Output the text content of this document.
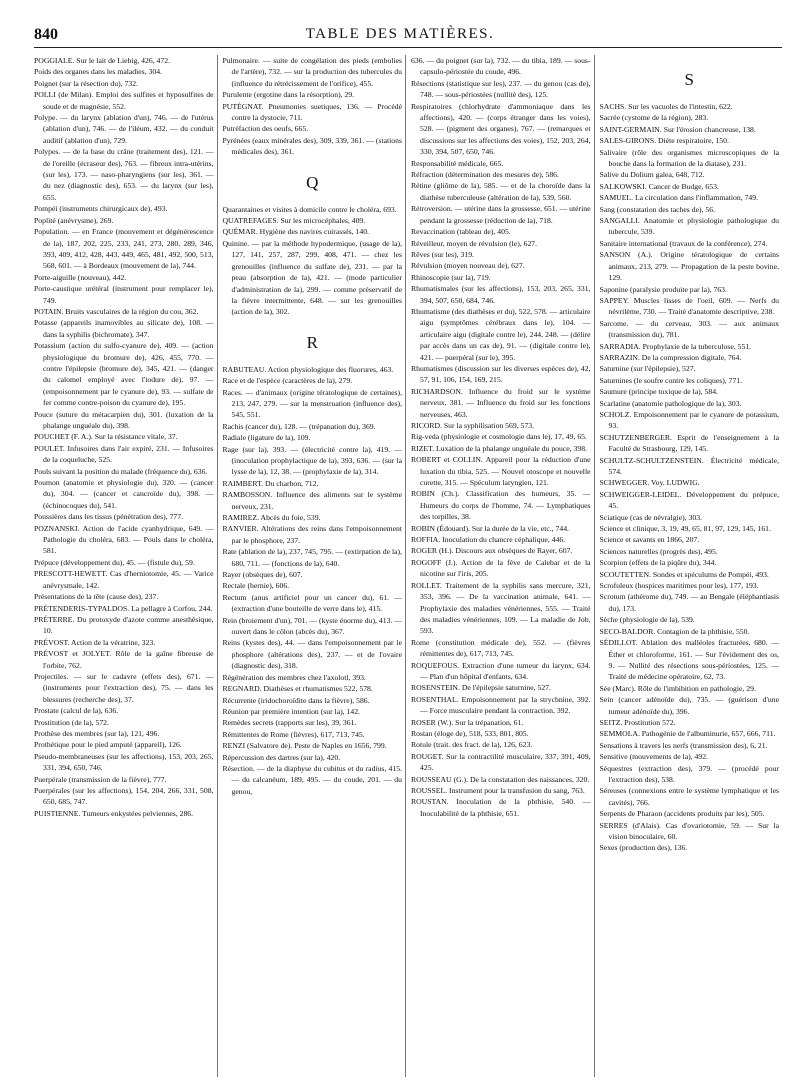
840	TABLE DES MATIÈRES.
POGGIALE. Sur le lait de Liebig, 426, 472.
Poids des organes dans les maladies, 304.
Poignet (sur la résection du), 732.
POLLI (de Milan). Emploi des sulfites et hyposulfites de soude et de magnésie, 552.
Polype. — du larynx (ablation d'un), 746. — de l'utérus (ablation d'un), 746. — de l'iléum, 432. — du conduit auditif (ablation d'un), 729.
Polypes. — de la base du crâne (traitement des), 121. — de l'oreille (écraseur des), 763. — fibreux intra-utérins, (sur les), 173. — naso-pharyngiens (sur les), 361. — du nez (diagnostic des), 653. — du larynx (sur les), 655.
Pompéi (instruments chirurgicaux de), 493.
Poplité (anévrysme), 269.
Population. — en France (mouvement et dégénérescence de la), 187, 202, 225, 233, 241, 273, 280, 289, 346, 393, 409, 412, 428, 443, 449, 465, 481, 492, 500, 513, 568, 601. — à Bordeaux (mouvement de la), 744.
Porte-aiguille (nouveau), 442.
Porte-caustique urétéral (instrument pour remplacer le), 749.
POTAIN. Bruits vasculaires de la région du cou, 362.
Potasse (appareils inamovibles au silicate de), 108. — dans la syphilis (bichromate), 347.
Potassium (action du sulfo-cyanure de), 409. — (action physiologique du bromure de), 426, 455, 770. — contre l'épilepsie (bromure de), 345, 421. — (danger du calomel employé avec l'iodure de), 97. — (empoisonnement par le cyanure de), 93. — sulfate de fer comme contre-poison du cyanure de), 195.
Pouce (suture du métacarpien du), 301. (luxation de la phalange unguéale du), 398.
POUCHET (F. A.). Sur la résistance vitale, 37.
POULET. Infusoires dans l'air expiré, 231. — Infusoires de la coqueluche, 525.
Pouls suivant la position du malade (fréquence du), 636.
Poumon (anatomie et physiologie du), 320. — (cancer du), 304. — (cancer et cancroïde du), 398. — (échinocoques du), 541.
Poussières dans les tissus (pénétration des), 777.
POZNANSKI. Action de l'acide cyanhydrique, 649. — Pathologie du choléra, 683. — Pouls dans le choléra, 581.
Prépuce (développement du), 45. — (fistule du), 59.
PRESCOTT-HEWETT. Cas d'herniotomie, 45. — Varice anévrysmale, 142.
Présentations de la tête (cause des), 237.
PRÉTENDERIS-TYPALDOS. La pellagre à Corfou, 244.
PRÉTERRE. Du protoxyde d'azote comme anesthésique, 10.
PRÉVOST. Action de la vératrine, 323.
PRÉVOST et JOLYET. Rôle de la gaîne fibreuse de l'orbite, 762.
Projectiles. — sur le cadavre (effets des), 671. — (instruments pour l'extraction des), 75. — dans les blessures (recherche des), 37.
Prostate (calcul de la), 636.
Prostitution (de la), 572.
Prothèse des membres (sur la), 121, 496.
Prothétique pour le pied amputé (appareil), 126.
Pseudo-membraneuses (sur les affections), 153, 203, 265, 331, 394, 650, 746.
Puerpérale (transmission de la fièvre), 777.
Puerpérales (sur les affections), 154, 204, 266, 331, 508, 650, 685, 747.
PUISTIENNE. Tumeurs enkystées pelviennes, 286.
Pulmonaire. — suite de congélation des pieds (embolies de l'artère), 732. — sur la production des tubercules du (influence du rétrécissement de l'orifice), 455.
Purulente (ergotine dans la résorption), 29.
PUTÉGNAT. Pneumonies suetiques, 136. — Procédé contre la dystocie, 711.
Putréfaction des oeufs, 665.
Pyrénées (eaux minérales des), 309, 339, 361. — (stations médicales des), 361.
Q
Quarantaines et visites à domicile contre le choléra, 693.
QUATREFAGES. Sur les microcéphales, 409.
QUÉMAR. Hygiène des navires cuirassés, 140.
Quinine. — par la méthode hypodermique, (usage de la), 127, 141, 257, 287, 299, 408, 471. — chez les grenouilles (influence du sulfate de), 231. — par la peau (absorption de la), 421. — (mode particulier d'administration de la), 299. — comme préservatif de la fièvre intermittente, 648. — sur les grenouilles (action de la), 302.
R
RABUTEAU. Action physiologique des fluorures, 463.
Race et de l'espèce (caractères de la), 279.
Races. — d'animaux (origine tératologique de certaines), 213, 247, 279. — sur la menstruation (influence des), 545, 551.
Rachis (cancer du), 128. — (trépanation du), 369.
Radiale (ligature de la), 109.
Rage (sur la), 393. — (électricité contre la), 419. — (inoculation prophylactique de la), 393, 636. — (sur la lysse de la), 12, 38. — (prophylaxie de la), 314.
RAIMBERT. Du charbon, 712.
RAMBOSSON. Influence des aliments sur le système nerveux, 231.
RAMIREZ. Abcès du foie, 539.
RANVIER. Altérations des reins dans l'empoisonnement par le phosphore, 237.
Rate (ablation de la), 237, 745, 795. — (extirpation de la), 680, 711. — (fonctions de la), 640.
Rayer (obsèques de), 607.
Rectale (hernie), 606.
Rectum (anus artificiel pour un cancer du), 61. — (extraction d'une bouteille de verre dans le), 415.
Rein (broiement d'un), 701. — (kyste énorme du), 413. — ouvert dans le côlon (abcès du), 367.
Reins (kystes des), 44. — dans l'empoisonnement par le phosphore (altérations des), 237. — et de l'ovaire (diagnostic des), 318.
Régénération des membres chez l'axolotl, 393.
REGNARD. Diathèses et rhumatismes 522, 578.
Récurrente (iridochoroïdite dans la fièvre), 586.
Réunion par première intention (sur la), 142.
Remèdes secrets (rapports sur les), 39, 361.
Rémittentes de Rome (fièvres), 617, 713, 745.
RENZI (Salvatore de). Peste de Naples en 1656, 799.
Répercussion des dartres (sur la), 420.
Résection. — de la diaphyse du cubitus et du radius, 415. — du calcanéum, 189, 495. — du coude, 201. — du genou,
636. — du poignet (sur la), 732. — du tibia, 189. — sous-capsulo-périostée du coude, 496.
Résections (statistique sur les), 237. — du genou (cas de), 748. — sous-périostées (nullité des), 125.
Respiratoires (chlorhydrate d'ammoniaque dans les affections), 420. — (corps étranger dans les voies), 528. — (pigment des organes), 767. — (remarques et discussions sur les affections des voies), 152, 203, 264, 330, 394, 507, 650, 746.
Responsabilité médicale, 665.
Réfraction (détermination des mesures de), 586.
Rétine (gliôme de la), 585. — et de la choroïde dans la diathèse tuberculeuse (altération de la), 539, 560.
Rétroversion. — utérine dans la grossesse, 651. — utérine pendant la grossesse (réduction de la), 718.
Revaccination (tableau de), 405.
Réveilleur, moyen de révulsion (le), 627.
Rêves (sur les), 319.
Révulsion (moyen nouveau de), 627.
Rhinoscopie (sur la), 719.
Rhumatismales (sur les affections), 153, 203, 265, 331, 394, 507, 650, 684, 746.
Rhumatisme (des diathèses et du), 522, 578. — articulaire aigu (symptômes cérébraux dans le), 104. — articulaire aigu (digitale contre le), 244, 248. — (délire par accès dans un cas de), 91. — (digitale contre le), 421. — puerpéral (sur le), 395.
Rhumatismes (discussion sur les diverses espèces de), 42, 57, 91, 106, 154, 169, 215.
RICHARDSON. Influence du froid sur le système nerveux, 381. — Influence du froid sur les fonctions nerveuses, 463.
RICORD. Sur la syphilisation 569, 573.
Rig-veda (physiologie et cosmologie dans le), 17, 49, 65.
RIZET. Luxation de la phalange unguéale du pouce, 398.
ROBERT et COLLIN. Appareil pour la réduction d'une luxation du tibia, 525. — Nouvel otoscope et nouvelle curette, 315. — Spéculum laryngien, 121.
ROBIN (Ch.). Classification des humeurs, 35. — Humeurs du corps de l'homme, 74. — Lymphatiques des torpilles, 38.
ROBIN (Édouard). Sur la durée de la vie, etc., 744.
ROFFIA. Inoculation du chancre céphalique, 446.
ROGER (H.). Discours aux obsèques de Rayer, 607.
ROGOFF (J.). Action de la fève de Calebar et de la nicotine sur l'iris, 205.
ROLLET. Traitement de la syphilis sans mercure, 321, 353, 396. — De la vaccination animale, 641. — Prophylaxie des maladies vénériennes, 555. — Traité des maladies vénériennes, 109. — La maladie de Job, 593.
Rome (constitution médicale de), 552. — (fièvres rémittentes de), 617, 713, 745.
ROQUEFOUS. Extraction d'une tumeur du larynx, 634. — Plan d'un hôpital d'enfants, 634.
ROSENSTEIN. De l'épilepsie saturnine, 527.
ROSENTHAL. Empoisonnement par la strychnine, 392. — Force musculaire pendant la contraction, 392.
ROSER (W.). Sur la trépanation, 61.
Rostan (éloge de), 518, 533, 801, 805.
Rotule (trait. des fract. de la), 126, 623.
ROUGET. Sur la contractilité musculaire, 337, 391, 409, 425.
ROUSSEAU (G.). De la constatation des naissances, 320.
ROUSSEL. Instrument pour la transfusion du sang, 763.
ROUSTAN. Inoculation de la phthisie, 540. — Inoculabilité de la phthisie, 651.
S
SACHS. Sur les vacuoles de l'intestin, 622.
Sacrée (cystome de la région), 283.
SAINT-GERMAIN. Sur l'érosion chancreuse, 138.
SALES-GIRONS. Diète respiratoire, 150.
Salivaire (rôle des organismes microscopiques de la bouche dans la formation de la diatase), 231.
Salive du Dolium galea, 648, 712.
SALKOWSKI. Cancer de Budge, 653.
SAMUEL. La circulation dans l'inflammation, 749.
Sang (constatation des taches de), 56.
SANGALLI. Anatomie et physiologie pathologique du tubercule, 539.
Sanitaire international (travaux de la conférence), 274.
SANSON (A.). Origine tératologique de certains animaux, 213, 279. — Propagation de la peste bovine, 129.
Saponine (paralysie produite par la), 763.
SAPPEY. Muscles lisses de l'oeil, 609. — Nerfs du névrilème, 730. — Traité d'anatomie descriptive, 238.
Sarcome. — du cerveau, 303. — aux animaux (transmission du), 781.
SARRADIA. Prophylaxie de la tuberculose, 551.
SARRAZIN. De la compression digitale, 764.
Saturnine (sur l'épilepsie), 527.
Saturnines (le soufre contre les coliques), 771.
Saumure (principe toxique de la), 584.
Scarlatine (anatomie pathologique de la), 303.
SCHOLZ. Empoisonnement par le cyanure de potassium, 93.
SCHUTZENBERGER. Esprit de l'enseignement à la Faculté de Strasbourg, 129, 145.
SCHULTZ-SCHULTZENSTEIN. Électricité médicale, 574.
SCHWEGGER. Voy. LUDWIG.
SCHWEIGGER-LEIDEL. Développement du prépuce, 45.
Sciatique (cas de névralgie), 303.
Science et clinique, 3, 19, 49, 65, 81, 97, 129, 145, 161.
Science et savants en 1866, 207.
Sciences naturelles (progrès des), 495.
Scorpion (effets de la piqûre du), 344.
SCOUTETTEN. Sondes et spéculums de Pompéi, 493.
Scrofuleux (hospices maritimes pour les), 177, 193.
Scrotum (athérome du), 749. — au Bengale (éléphantiasis du), 173.
Sèche (physiologie de la), 539.
SECO-BALDOR. Contagion de la phthisie, 550.
SÉDILLOT. Ablation des malléoles fracturées, 680. — Éther et chloroforme, 161. — Sur l'évidement des os, 9. — Nullité des résections sous-périostées, 125. — Traité de médecine opératoire, 62, 73.
Sée (Marc). Rôle de l'imbibition en pathologie, 29.
Sein (cancer adénoïde du), 735. — (guérison d'une tumeur adénoïde du), 396.
SEITZ. Prostitution 572.
SEMMOLA. Pathogénie de l'albuminurie, 657, 666, 711.
Sensations à travers les nerfs (transmission des), 6, 21.
Sensitive (mouvements de la), 492.
Séquestres (extraction des), 379. — (procédé pour l'extraction des), 538.
Séreuses (connexions entre le système lymphatique et les cavités), 766.
Serpents de Pharaon (accidents produits par les), 505.
SERRES (d'Alais). Cas d'ovariotomie, 59. — Sur la vision binoculaire, 60.
Sexes (production des), 136.
